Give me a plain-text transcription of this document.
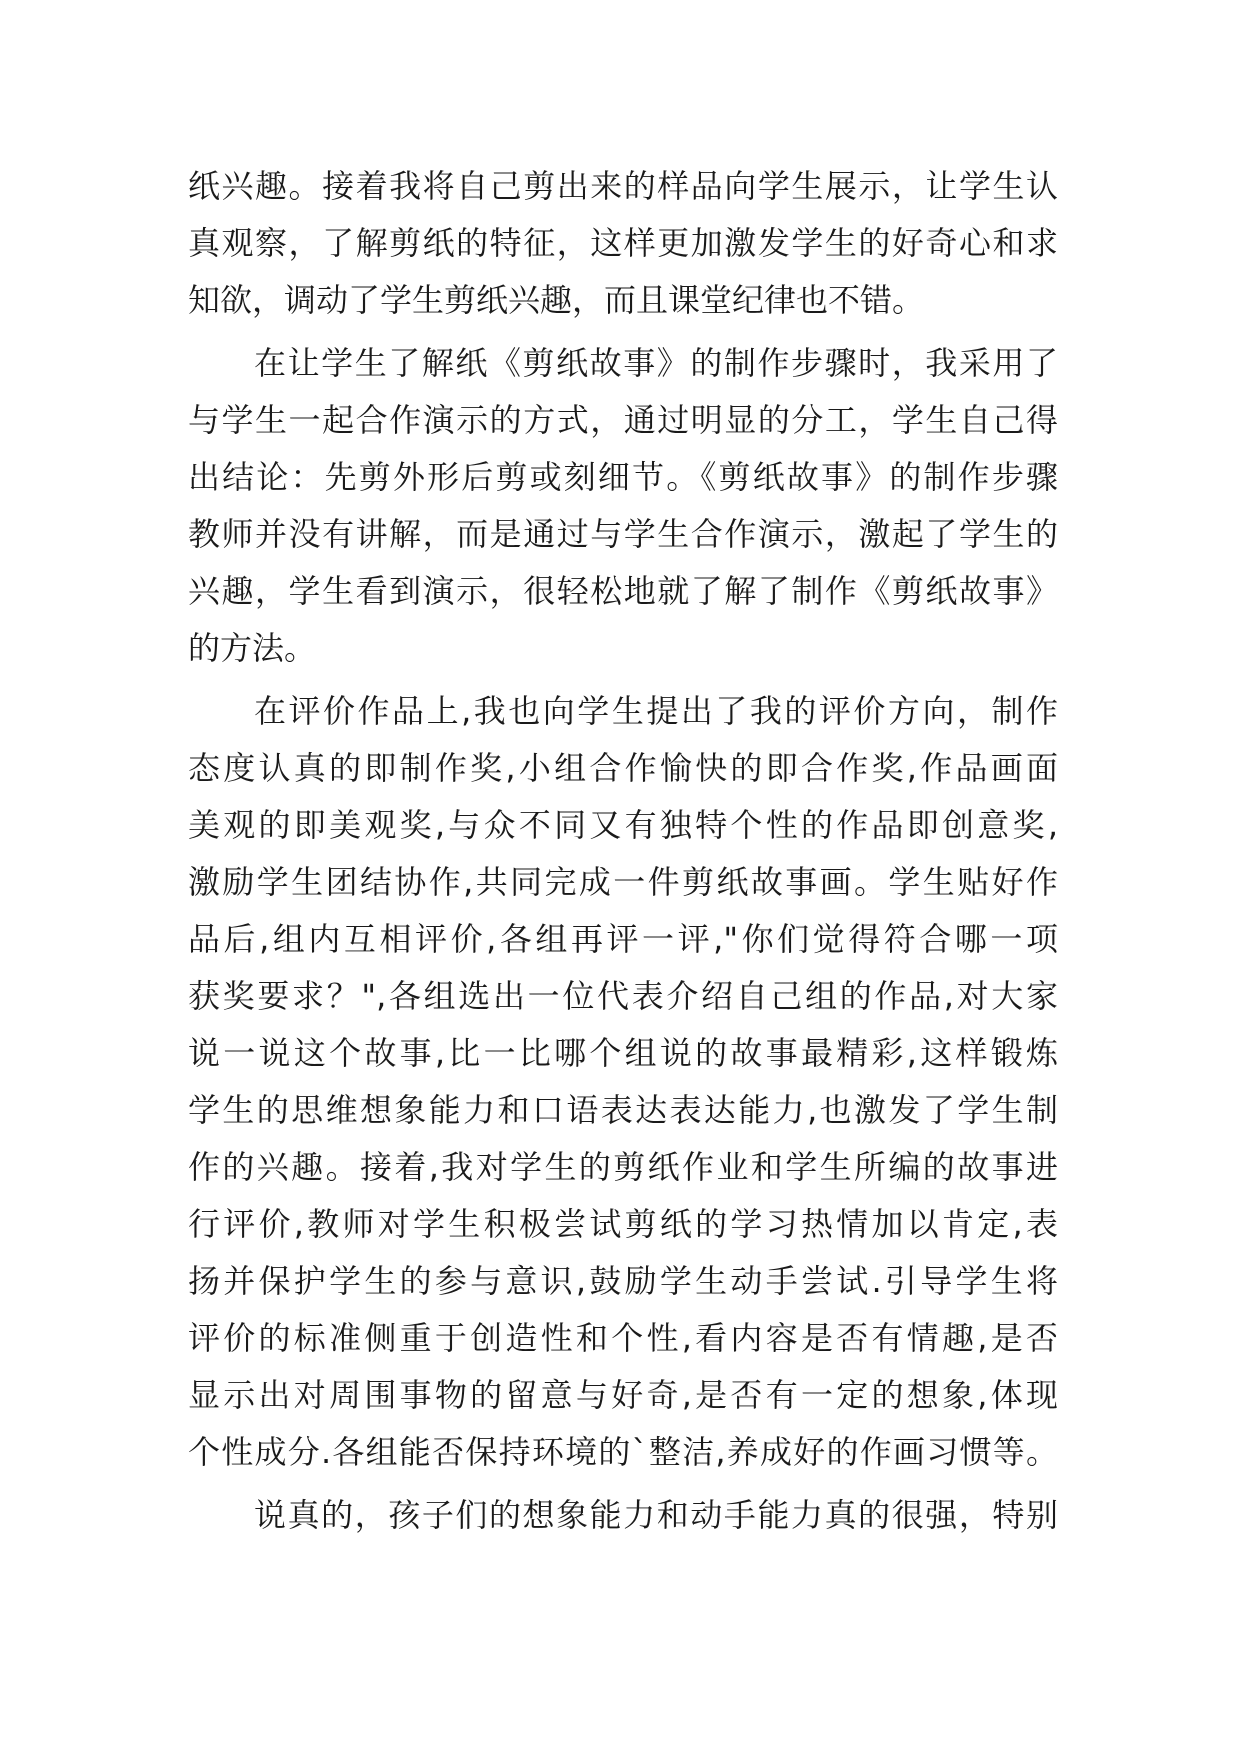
纸兴趣。接着我将自己剪出来的样品向学生展示，让学生认
真观察，了解剪纸的特征，这样更加激发学生的好奇心和求
知欲，调动了学生剪纸兴趣，而且课堂纪律也不错。
在让学生了解纸《剪纸故事》的制作步骤时，我采用了
与学生一起合作演示的方式，通过明显的分工，学生自己得
出结论：先剪外形后剪或刻细节。《剪纸故事》的制作步骤
教师并没有讲解，而是通过与学生合作演示，激起了学生的
兴趣，学生看到演示，很轻松地就了解了制作《剪纸故事》
的方法。
在评价作品上,我也向学生提出了我的评价方向，制作
态度认真的即制作奖,小组合作愉快的即合作奖,作品画面
美观的即美观奖,与众不同又有独特个性的作品即创意奖,
激励学生团结协作,共同完成一件剪纸故事画。学生贴好作
品后,组内互相评价,各组再评一评,"你们觉得符合哪一项
获奖要求？",各组选出一位代表介绍自己组的作品,对大家
说一说这个故事,比一比哪个组说的故事最精彩,这样锻炼
学生的思维想象能力和口语表达表达能力,也激发了学生制
作的兴趣。接着,我对学生的剪纸作业和学生所编的故事进
行评价,教师对学生积极尝试剪纸的学习热情加以肯定,表
扬并保护学生的参与意识,鼓励学生动手尝试.引导学生将
评价的标准侧重于创造性和个性,看内容是否有情趣,是否
显示出对周围事物的留意与好奇,是否有一定的想象,体现
个性成分.各组能否保持环境的`整洁,养成好的作画习惯等。
说真的，孩子们的想象能力和动手能力真的很强，特别
